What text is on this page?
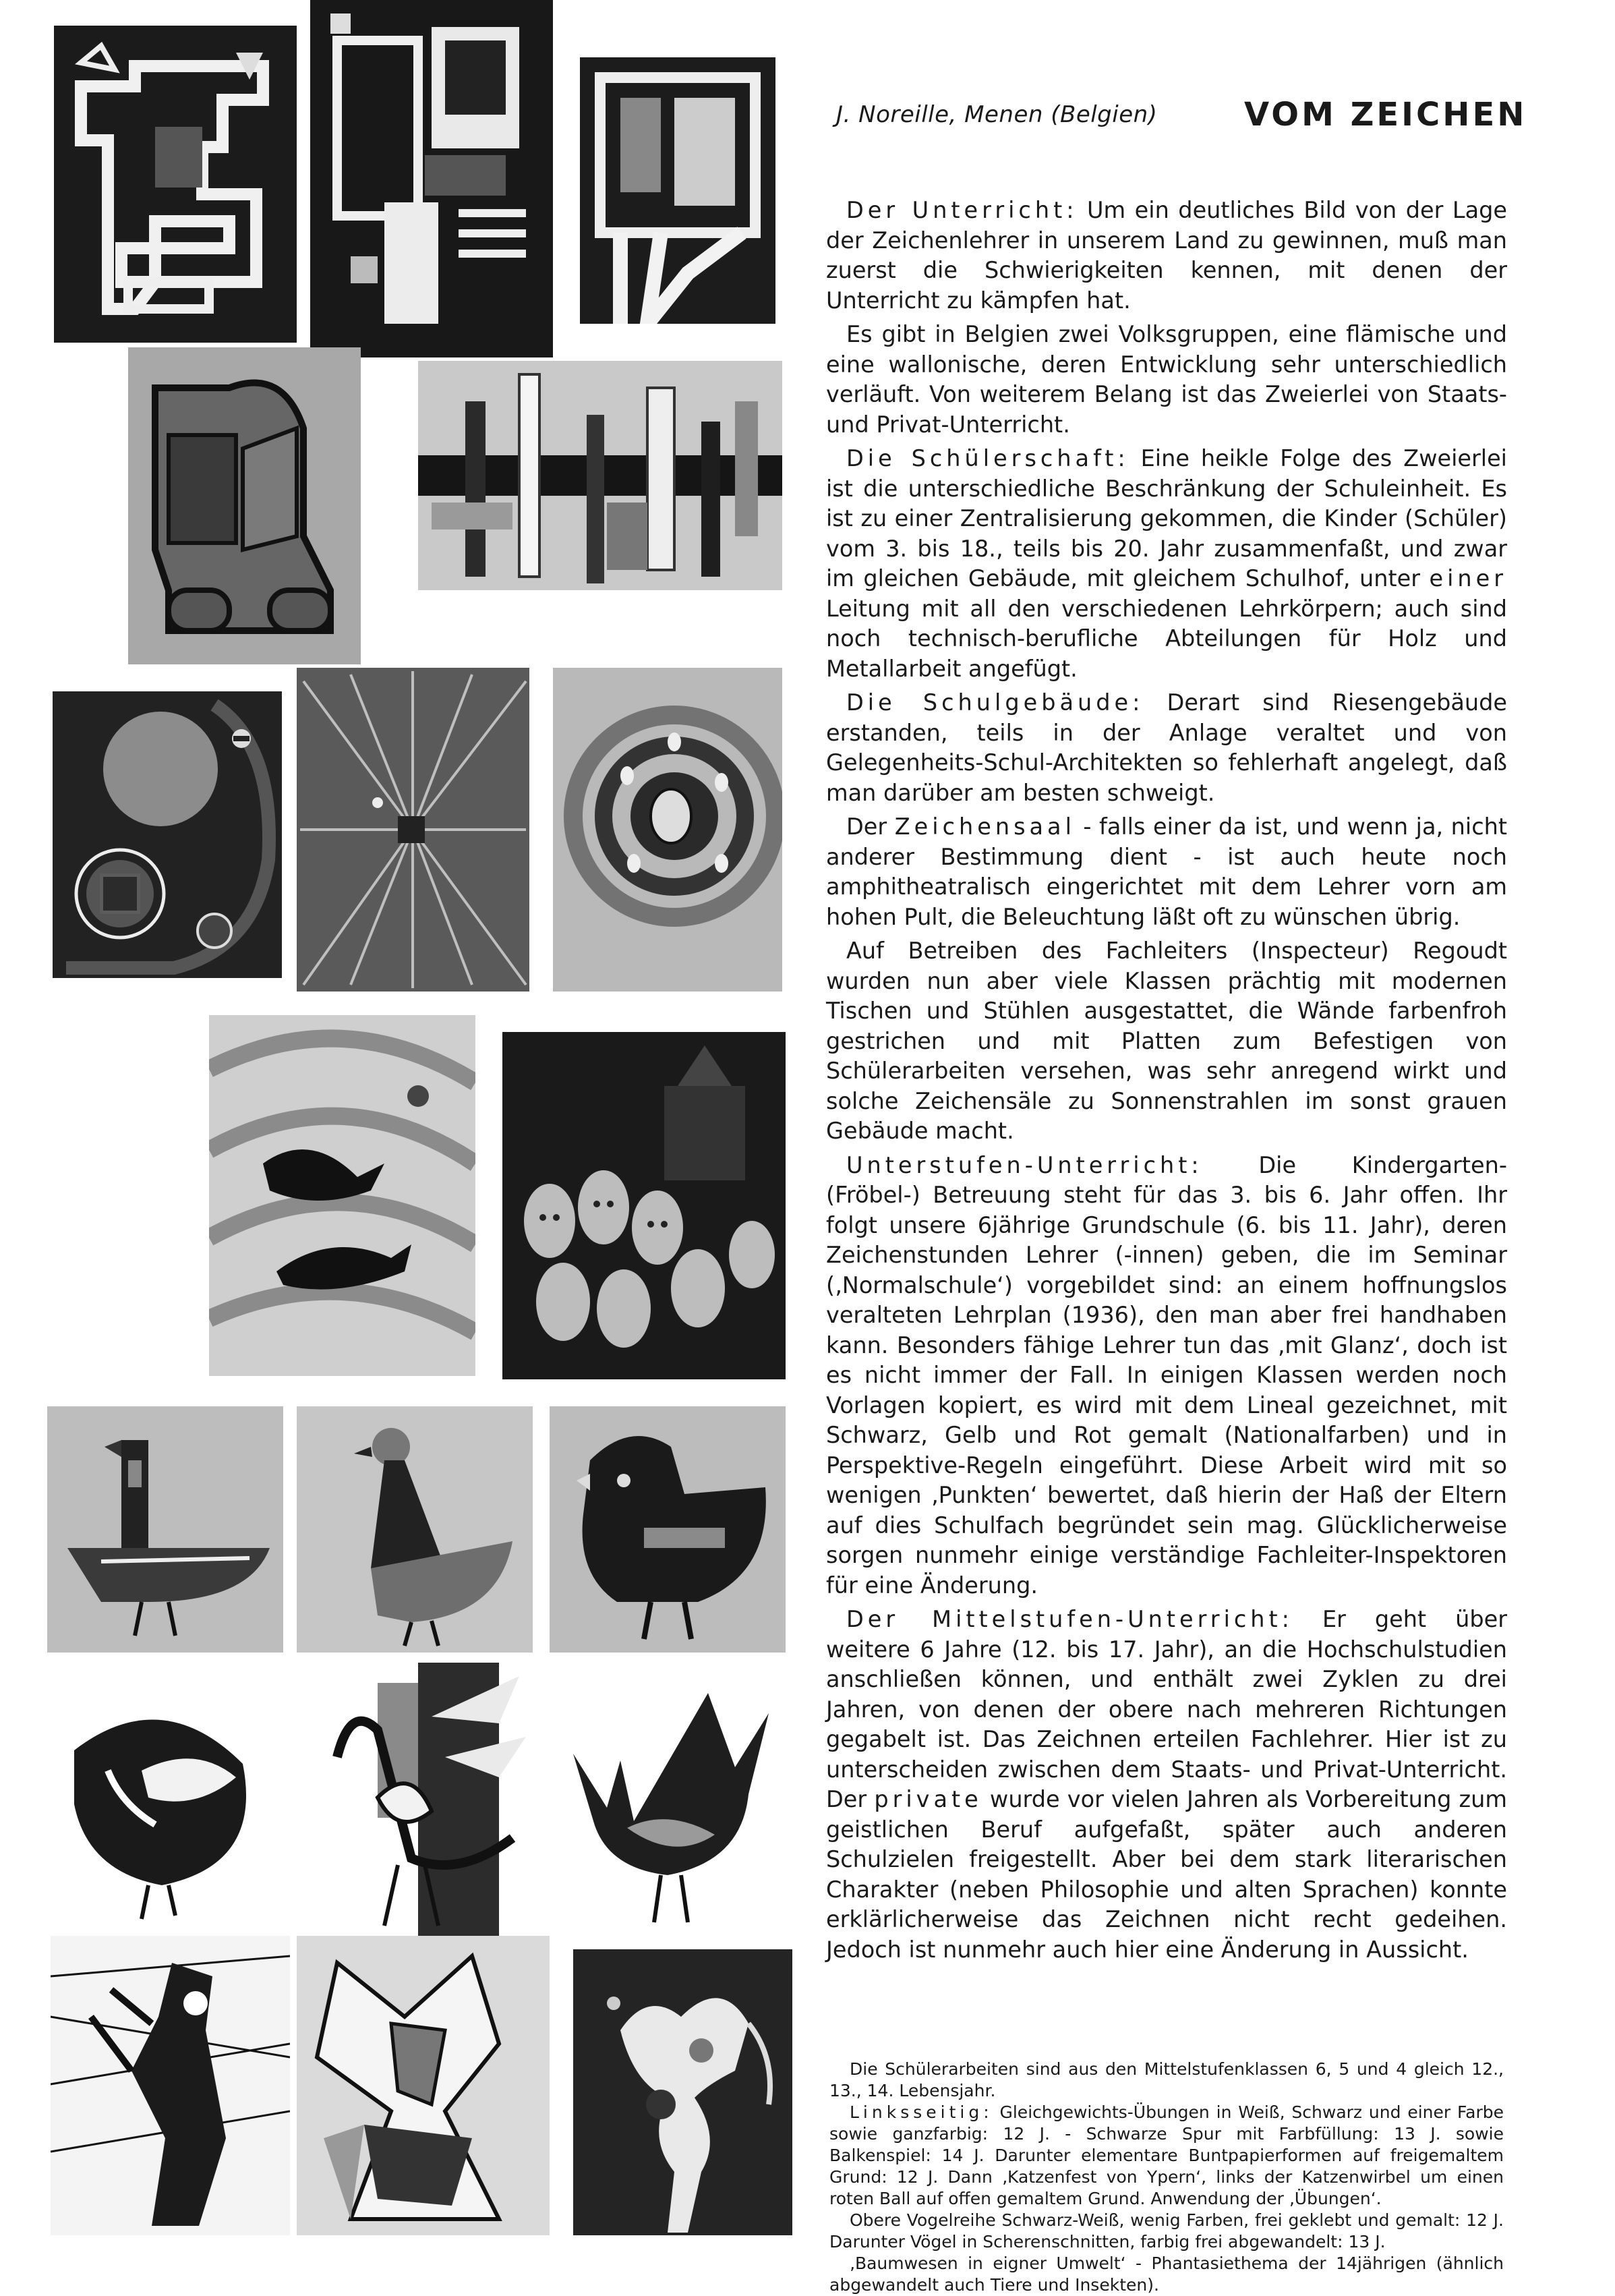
J. Noreille, Menen (Belgien)	VOM ZEICHEN

Der Unterricht: Um ein deutliches Bild von der Lage der Zeichenlehrer in unserem Land zu gewinnen, muß man zuerst die Schwierigkeiten kennen, mit denen der Unterricht zu kämpfen hat.

Es gibt in Belgien zwei Volksgruppen, eine flämische und eine wallonische, deren Entwicklung sehr unterschiedlich verläuft. Von weiterem Belang ist das Zweierlei von Staats- und Privat-Unterricht.

Die Schülerschaft: Eine heikle Folge des Zweierlei ist die unterschiedliche Beschränkung der Schuleinheit. Es ist zu einer Zentralisierung gekommen, die Kinder (Schüler) vom 3. bis 18., teils bis 20. Jahr zusammenfaßt, und zwar im gleichen Gebäude, mit gleichem Schulhof, unter einer Leitung mit all den verschiedenen Lehrkörpern; auch sind noch technisch-berufliche Abteilungen für Holz und Metallarbeit angefügt.

Die Schulgebäude: Derart sind Riesengebäude erstanden, teils in der Anlage veraltet und von Gelegenheits-Schul-Architekten so fehlerhaft angelegt, daß man darüber am besten schweigt.

Der Zeichensaal - falls einer da ist, und wenn ja, nicht anderer Bestimmung dient - ist auch heute noch amphitheatralisch eingerichtet mit dem Lehrer vorn am hohen Pult, die Beleuchtung läßt oft zu wünschen übrig.

Auf Betreiben des Fachleiters (Inspecteur) Regoudt wurden nun aber viele Klassen prächtig mit modernen Tischen und Stühlen ausgestattet, die Wände farbenfroh gestrichen und mit Platten zum Befestigen von Schülerarbeiten versehen, was sehr anregend wirkt und solche Zeichensäle zu Sonnenstrahlen im sonst grauen Gebäude macht.

Unterstufen-Unterricht: Die Kindergarten- (Fröbel-) Betreuung steht für das 3. bis 6. Jahr offen. Ihr folgt unsere 6jährige Grundschule (6. bis 11. Jahr), deren Zeichenstunden Lehrer (-innen) geben, die im Seminar (‚Normalschule‘) vorgebildet sind: an einem hoffnungslos veralteten Lehrplan (1936), den man aber frei handhaben kann. Besonders fähige Lehrer tun das ‚mit Glanz‘, doch ist es nicht immer der Fall. In einigen Klassen werden noch Vorlagen kopiert, es wird mit dem Lineal gezeichnet, mit Schwarz, Gelb und Rot gemalt (Nationalfarben) und in Perspektive-Regeln eingeführt. Diese Arbeit wird mit so wenigen ‚Punkten‘ bewertet, daß hierin der Haß der Eltern auf dies Schulfach begründet sein mag. Glücklicherweise sorgen nunmehr einige verständige Fachleiter-Inspektoren für eine Änderung.

Der Mittelstufen-Unterricht: Er geht über weitere 6 Jahre (12. bis 17. Jahr), an die Hochschulstudien anschließen können, und enthält zwei Zyklen zu drei Jahren, von denen der obere nach mehreren Richtungen gegabelt ist. Das Zeichnen erteilen Fachlehrer. Hier ist zu unterscheiden zwischen dem Staats- und Privat-Unterricht. Der private wurde vor vielen Jahren als Vorbereitung zum geistlichen Beruf aufgefaßt, später auch anderen Schulzielen freigestellt. Aber bei dem stark literarischen Charakter (neben Philosophie und alten Sprachen) konnte erklärlicherweise das Zeichnen nicht recht gedeihen. Jedoch ist nunmehr auch hier eine Änderung in Aussicht.

Die Schülerarbeiten sind aus den Mittelstufenklassen 6, 5 und 4 gleich 12., 13., 14. Lebensjahr.

Linksseitig: Gleichgewichts-Übungen in Weiß, Schwarz und einer Farbe sowie ganzfarbig: 12 J. - Schwarze Spur mit Farbfüllung: 13 J. sowie Balkenspiel: 14 J. Darunter elementare Buntpapierformen auf freigemaltem Grund: 12 J. Dann ‚Katzenfest von Ypern‘, links der Katzenwirbel um einen roten Ball auf offen gemaltem Grund. Anwendung der ‚Übungen‘.

Obere Vogelreihe Schwarz-Weiß, wenig Farben, frei geklebt und gemalt: 12 J. Darunter Vögel in Scherenschnitten, farbig frei abgewandelt: 13 J.

‚Baumwesen in eigner Umwelt‘ - Phantasiethema der 14jährigen (ähnlich abgewandelt auch Tiere und Insekten).
